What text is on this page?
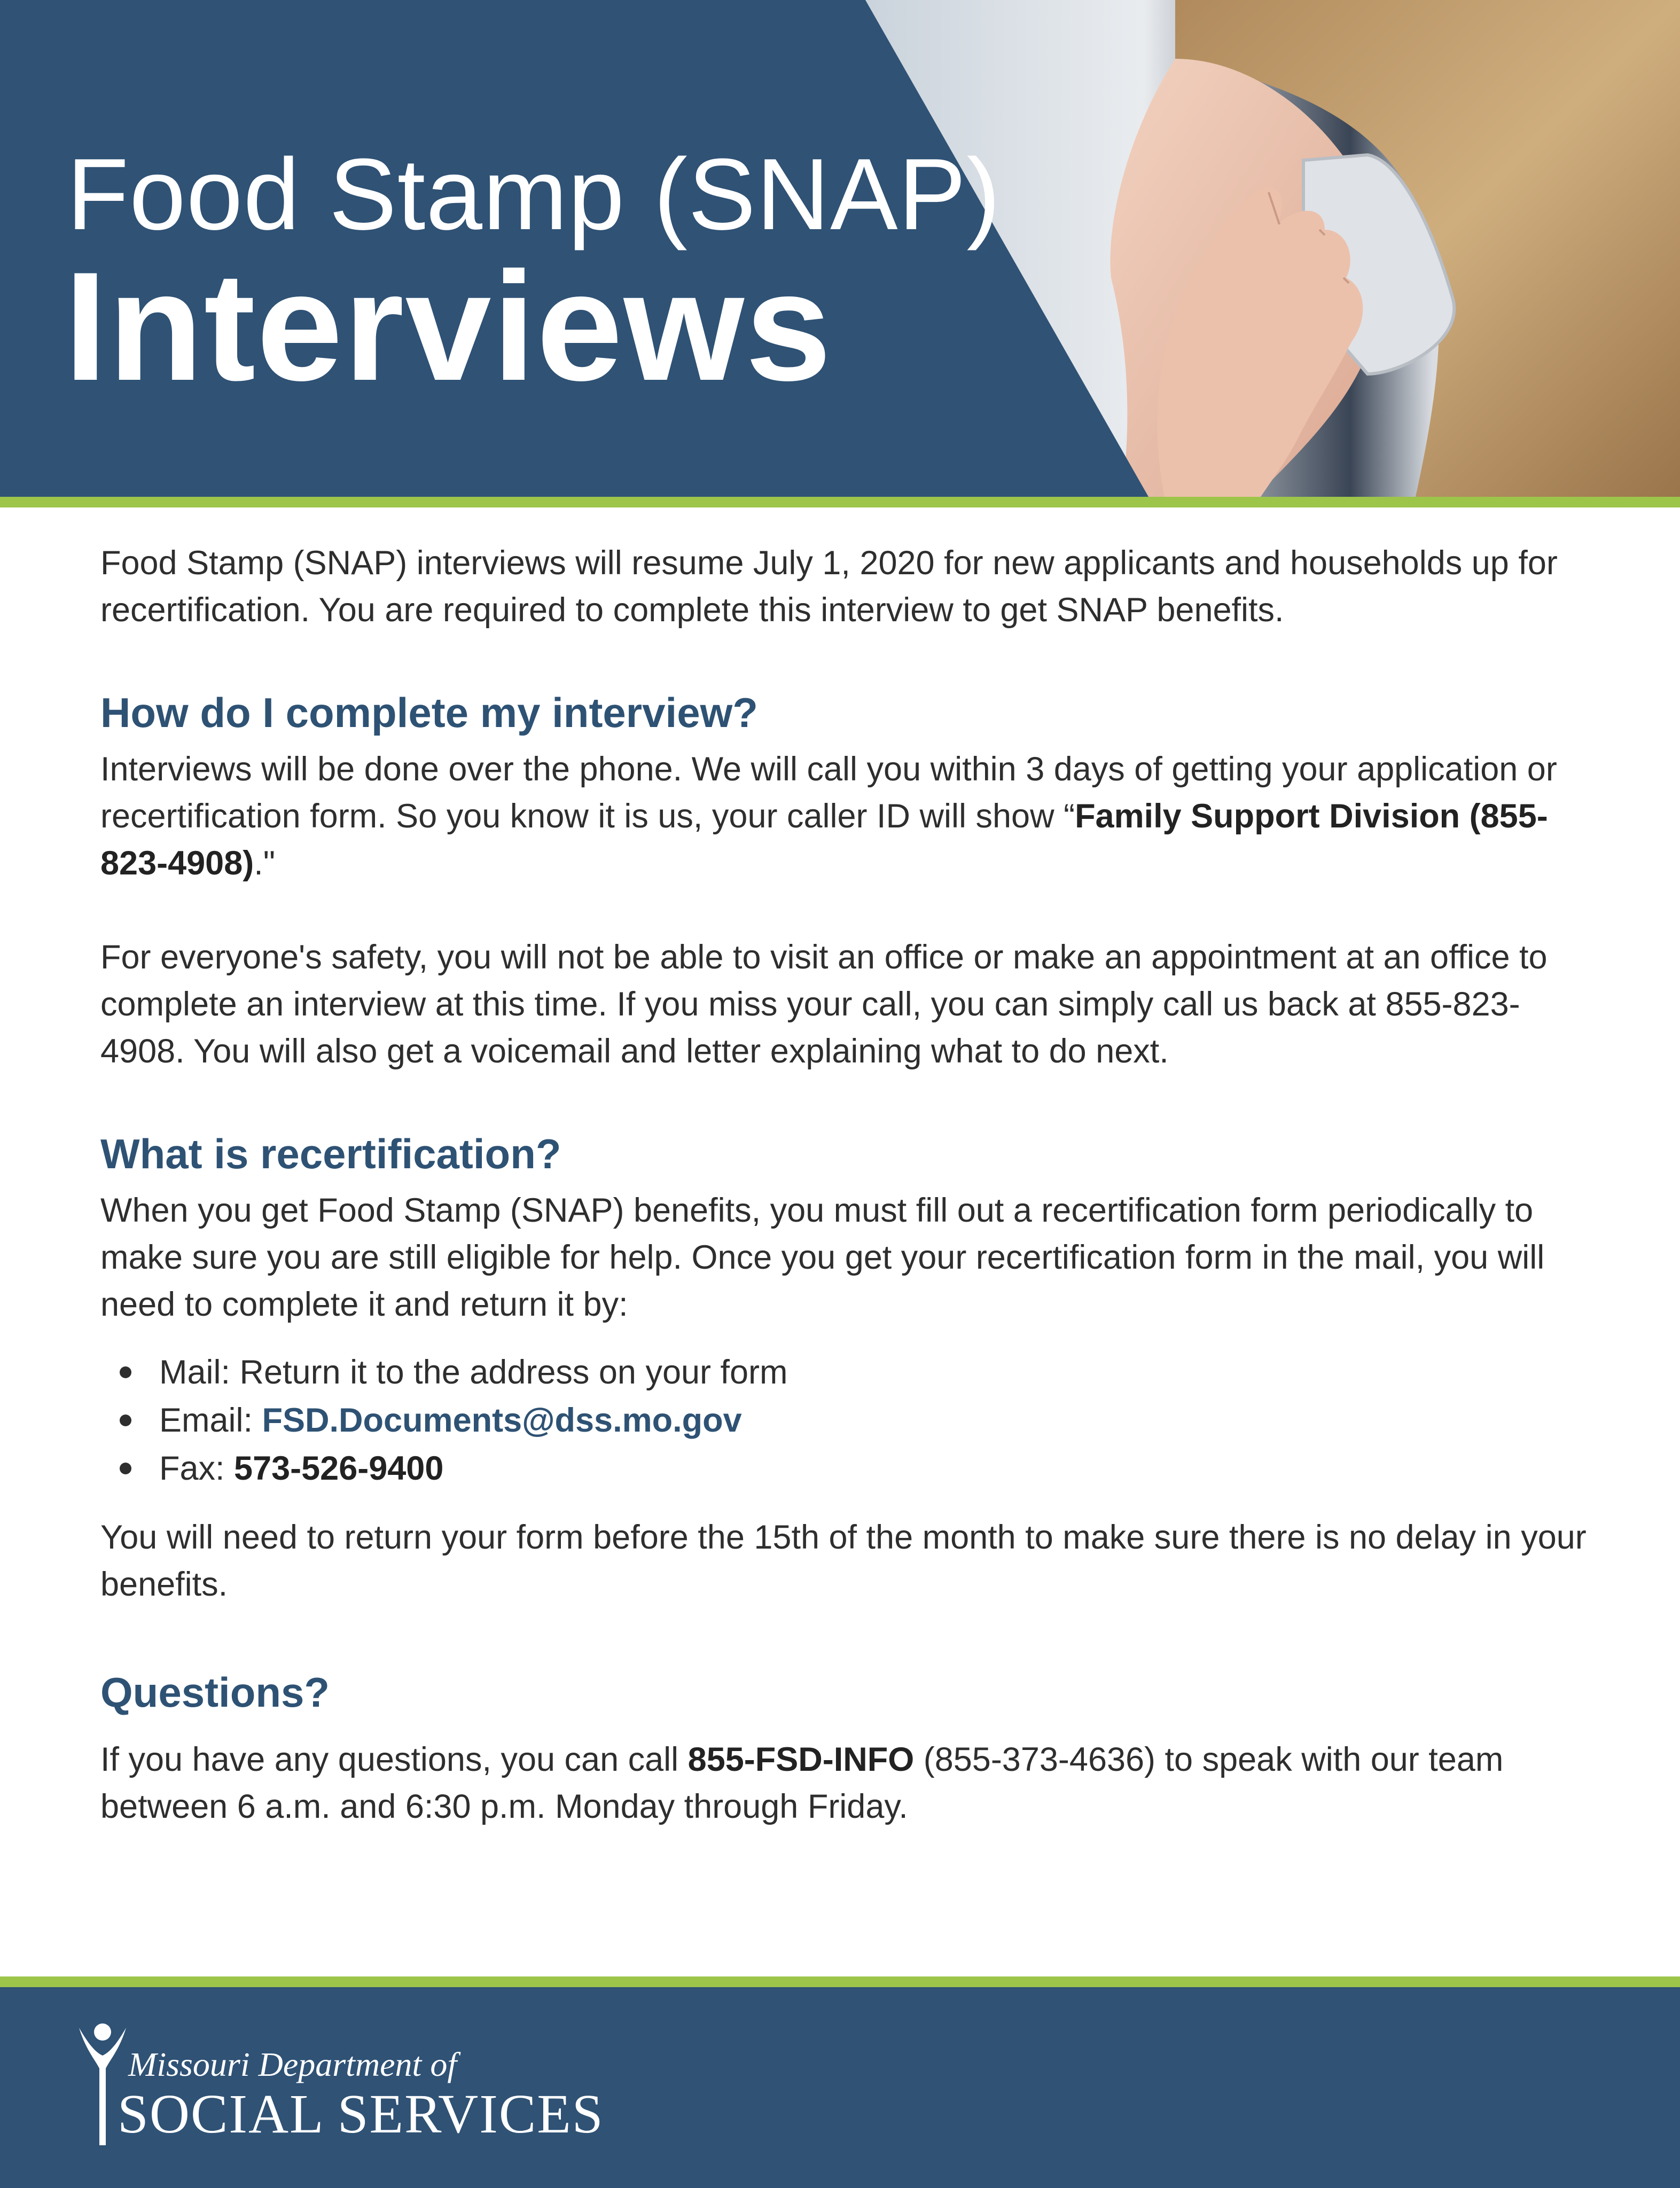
Food Stamp (SNAP)
Interviews

Food Stamp (SNAP) interviews will resume July 1, 2020 for new applicants and households up for recertification. You are required to complete this interview to get SNAP benefits.

How do I complete my interview?

Interviews will be done over the phone. We will call you within 3 days of getting your application or recertification form. So you know it is us, your caller ID will show “Family Support Division (855-823-4908)."

For everyone's safety, you will not be able to visit an office or make an appointment at an office to complete an interview at this time. If you miss your call, you can simply call us back at 855-823-4908. You will also get a voicemail and letter explaining what to do next.

What is recertification?

When you get Food Stamp (SNAP) benefits, you must fill out a recertification form periodically to make sure you are still eligible for help. Once you get your recertification form in the mail, you will need to complete it and return it by:

Mail: Return it to the address on your form
Email: FSD.Documents@dss.mo.gov
Fax: 573-526-9400

You will need to return your form before the 15th of the month to make sure there is no delay in your benefits.

Questions?

If you have any questions, you can call 855-FSD-INFO (855-373-4636) to speak with our team between 6 a.m. and 6:30 p.m. Monday through Friday.

Missouri Department of
SOCIAL SERVICES
